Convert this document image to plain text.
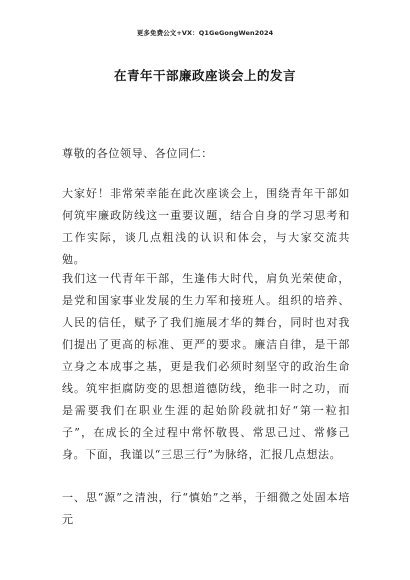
更多免费公文+VX：Q1GeGongWen2024
在青年干部廉政座谈会上的发言

尊敬的各位领导、各位同仁：

大家好！非常荣幸能在此次座谈会上，围绕青年干部如何筑牢廉政防线这一重要议题，结合自身的学习思考和工作实际，谈几点粗浅的认识和体会，与大家交流共勉。

我们这一代青年干部，生逢伟大时代，肩负光荣使命，是党和国家事业发展的生力军和接班人。组织的培养、人民的信任，赋予了我们施展才华的舞台，同时也对我们提出了更高的标准、更严的要求。廉洁自律，是干部立身之本成事之基，更是我们必须时刻坚守的政治生命线。筑牢拒腐防变的思想道德防线，绝非一时之功，而是需要我们在职业生涯的起始阶段就扣好“第一粒扣子”，在成长的全过程中常怀敬畏、常思己过、常修己身。下面，我谨以“三思三行”为脉络，汇报几点想法。

一、思“源”之清浊，行“慎始”之举，于细微之处固本培元
